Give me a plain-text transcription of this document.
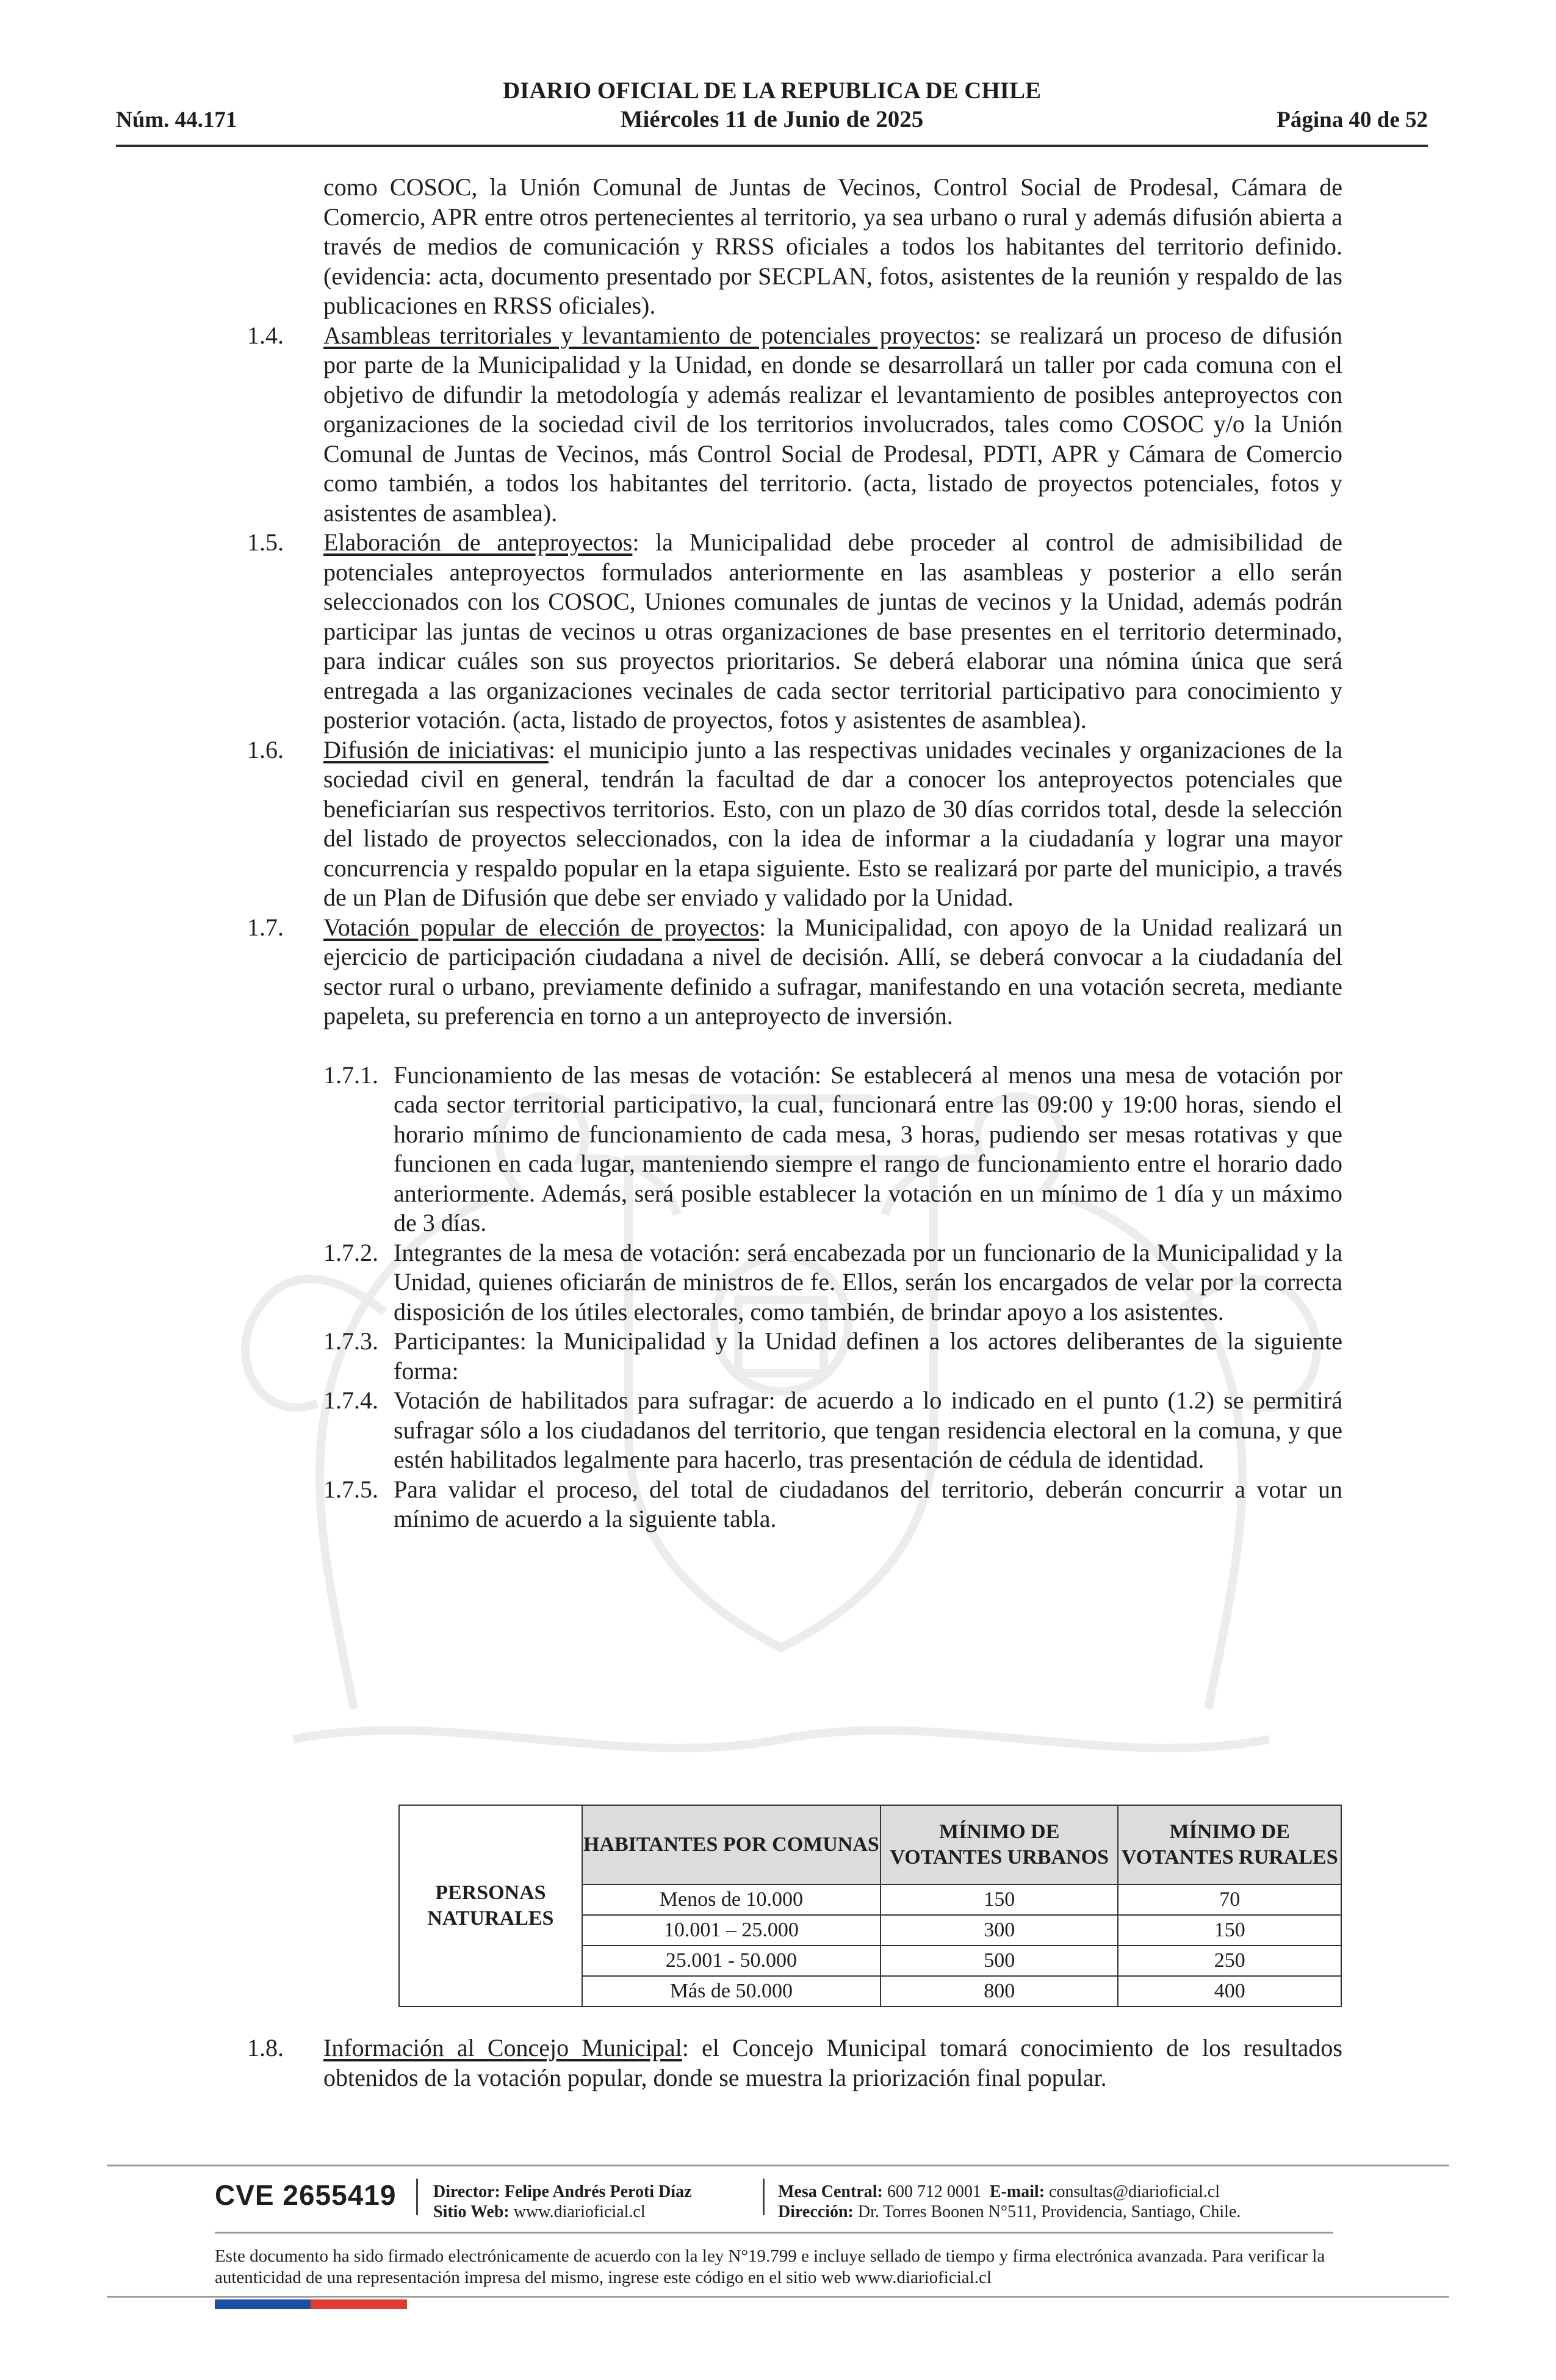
Núm. 44.171
DIARIO OFICIAL DE LA REPUBLICA DE CHILE
Miércoles 11 de Junio de 2025	Página 40 de 52

como COSOC, la Unión Comunal de Juntas de Vecinos, Control Social de Prodesal, Cámara de Comercio, APR entre otros pertenecientes al territorio, ya sea urbano o rural y además difusión abierta a través de medios de comunicación y RRSS oficiales a todos los habitantes del territorio definido. (evidencia: acta, documento presentado por SECPLAN, fotos, asistentes de la reunión y respaldo de las publicaciones en RRSS oficiales).

1.4. Asambleas territoriales y levantamiento de potenciales proyectos: se realizará un proceso de difusión por parte de la Municipalidad y la Unidad, en donde se desarrollará un taller por cada comuna con el objetivo de difundir la metodología y además realizar el levantamiento de posibles anteproyectos con organizaciones de la sociedad civil de los territorios involucrados, tales como COSOC y/o la Unión Comunal de Juntas de Vecinos, más Control Social de Prodesal, PDTI, APR y Cámara de Comercio como también, a todos los habitantes del territorio. (acta, listado de proyectos potenciales, fotos y asistentes de asamblea).
1.5. Elaboración de anteproyectos: la Municipalidad debe proceder al control de admisibilidad de potenciales anteproyectos formulados anteriormente en las asambleas y posterior a ello serán seleccionados con los COSOC, Uniones comunales de juntas de vecinos y la Unidad, además podrán participar las juntas de vecinos u otras organizaciones de base presentes en el territorio determinado, para indicar cuáles son sus proyectos prioritarios. Se deberá elaborar una nómina única que será entregada a las organizaciones vecinales de cada sector territorial participativo para conocimiento y posterior votación. (acta, listado de proyectos, fotos y asistentes de asamblea).
1.6. Difusión de iniciativas: el municipio junto a las respectivas unidades vecinales y organizaciones de la sociedad civil en general, tendrán la facultad de dar a conocer los anteproyectos potenciales que beneficiarían sus respectivos territorios. Esto, con un plazo de 30 días corridos total, desde la selección del listado de proyectos seleccionados, con la idea de informar a la ciudadanía y lograr una mayor concurrencia y respaldo popular en la etapa siguiente. Esto se realizará por parte del municipio, a través de un Plan de Difusión que debe ser enviado y validado por la Unidad.
1.7. Votación popular de elección de proyectos: la Municipalidad, con apoyo de la Unidad realizará un ejercicio de participación ciudadana a nivel de decisión. Allí, se deberá convocar a la ciudadanía del sector rural o urbano, previamente definido a sufragar, manifestando en una votación secreta, mediante papeleta, su preferencia en torno a un anteproyecto de inversión.
1.7.1. Funcionamiento de las mesas de votación: Se establecerá al menos una mesa de votación por cada sector territorial participativo, la cual, funcionará entre las 09:00 y 19:00 horas, siendo el horario mínimo de funcionamiento de cada mesa, 3 horas, pudiendo ser mesas rotativas y que funcionen en cada lugar, manteniendo siempre el rango de funcionamiento entre el horario dado anteriormente. Además, será posible establecer la votación en un mínimo de 1 día y un máximo de 3 días.
1.7.2. Integrantes de la mesa de votación: será encabezada por un funcionario de la Municipalidad y la Unidad, quienes oficiarán de ministros de fe. Ellos, serán los encargados de velar por la correcta disposición de los útiles electorales, como también, de brindar apoyo a los asistentes.
1.7.3. Participantes: la Municipalidad y la Unidad definen a los actores deliberantes de la siguiente forma:
1.7.4. Votación de habilitados para sufragar: de acuerdo a lo indicado en el punto (1.2) se permitirá sufragar sólo a los ciudadanos del territorio, que tengan residencia electoral en la comuna, y que estén habilitados legalmente para hacerlo, tras presentación de cédula de identidad.
1.7.5. Para validar el proceso, del total de ciudadanos del territorio, deberán concurrir a votar un mínimo de acuerdo a la siguiente tabla.
PERSONAS NATURALES	HABITANTES POR COMUNAS	MÍNIMO DE VOTANTES URBANOS	MÍNIMO DE VOTANTES RURALES
	Menos de 10.000	150	70
	10.001 – 25.000	300	150
	25.001 - 50.000	500	250
	Más de 50.000	800	400
1.8. Información al Concejo Municipal: el Concejo Municipal tomará conocimiento de los resultados obtenidos de la votación popular, donde se muestra la priorización final popular.
CVE 2655419 Director: Felipe Andrés Peroti Díaz
Sitio Web: www.diarioficial.cl
Mesa Central: 600 712 0001 E-mail: consultas@diarioficial.cl
Dirección: Dr. Torres Boonen N°511, Providencia, Santiago, Chile.
Este documento ha sido firmado electrónicamente de acuerdo con la ley N°19.799 e incluye sellado de tiempo y firma electrónica avanzada. Para verificar la autenticidad de una representación impresa del mismo, ingrese este código en el sitio web www.diarioficial.cl
